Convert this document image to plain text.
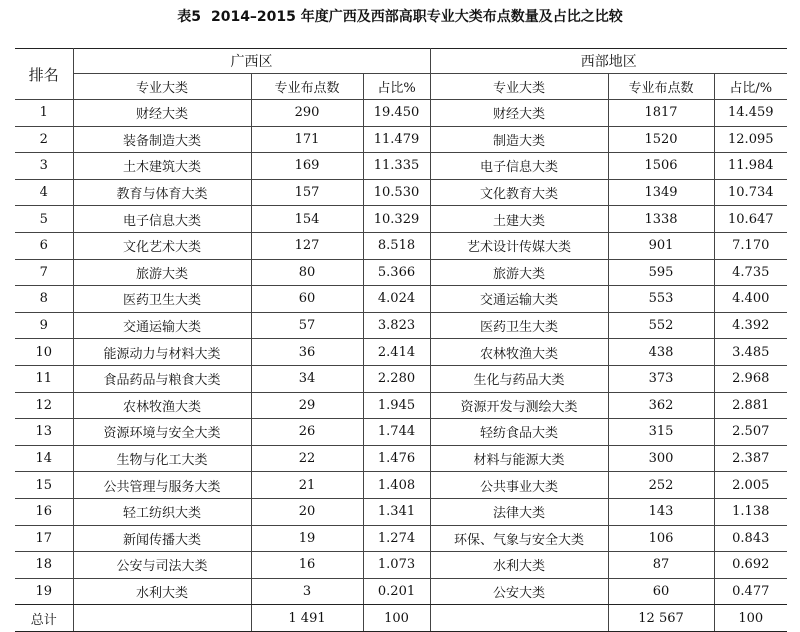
表5 2014–2015 年度广西及西部高职专业大类布点数量及占比之比较
排名	广西区			西部地区		
	专业大类	专业布点数	占比%	专业大类	专业布点数	占比/%
1	财经大类	290	19.450	财经大类	1817	14.459
2	装备制造大类	171	11.479	制造大类	1520	12.095
3	土木建筑大类	169	11.335	电子信息大类	1506	11.984
4	教育与体育大类	157	10.530	文化教育大类	1349	10.734
5	电子信息大类	154	10.329	土建大类	1338	10.647
6	文化艺术大类	127	8.518	艺术设计传媒大类	901	7.170
7	旅游大类	80	5.366	旅游大类	595	4.735
8	医药卫生大类	60	4.024	交通运输大类	553	4.400
9	交通运输大类	57	3.823	医药卫生大类	552	4.392
10	能源动力与材料大类	36	2.414	农林牧渔大类	438	3.485
11	食品药品与粮食大类	34	2.280	生化与药品大类	373	2.968
12	农林牧渔大类	29	1.945	资源开发与测绘大类	362	2.881
13	资源环境与安全大类	26	1.744	轻纺食品大类	315	2.507
14	生物与化工大类	22	1.476	材料与能源大类	300	2.387
15	公共管理与服务大类	21	1.408	公共事业大类	252	2.005
16	轻工纺织大类	20	1.341	法律大类	143	1.138
17	新闻传播大类	19	1.274	环保、气象与安全大类	106	0.843
18	公安与司法大类	16	1.073	水利大类	87	0.692
19	水利大类	3	0.201	公安大类	60	0.477
总计		1 491	100		12 567	100
